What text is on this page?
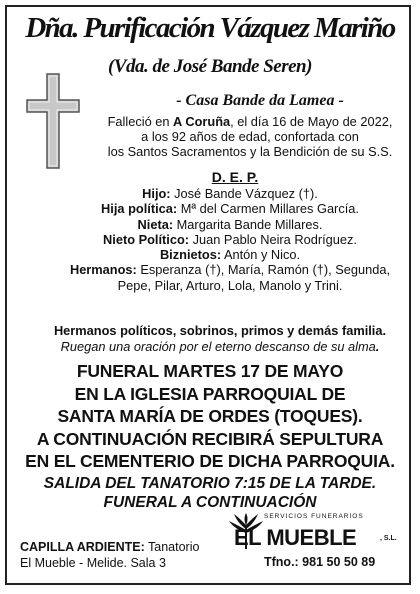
Dña. Purificación Vázquez Mariño
(Vda. de José Bande Seren)
- Casa Bande da Lamea -
Falleció en A Coruña, el día 16 de Mayo de 2022,
a los 92 años de edad, confortada con
los Santos Sacramentos y la Bendición de su S.S.
D. E. P.
Hijo: José Bande Vázquez (†).
Hija política: Mª del Carmen Millares García.
Nieta: Margarita Bande Millares.
Nieto Político: Juan Pablo Neira Rodríguez.
Biznietos: Antón y Nico.
Hermanos: Esperanza (†), María, Ramón (†), Segunda,
Pepe, Pilar, Arturo, Lola, Manolo y Trini.
Hermanos políticos, sobrinos, primos y demás familia.
Ruegan una oración por el eterno descanso de su alma.
FUNERAL MARTES 17 DE MAYO
EN LA IGLESIA PARROQUIAL DE
SANTA MARÍA DE ORDES (TOQUES).
A CONTINUACIÓN RECIBIRÁ SEPULTURA
EN EL CEMENTERIO DE DICHA PARROQUIA.
SALIDA DEL TANATORIO 7:15 DE LA TARDE.
FUNERAL A CONTINUACIÓN
CAPILLA ARDIENTE: Tanatorio
El Mueble - Melide. Sala 3
SERVICIOS FUNERARIOS
EL MUEBLE	, S.L.
Tfno.: 981 50 50 89
